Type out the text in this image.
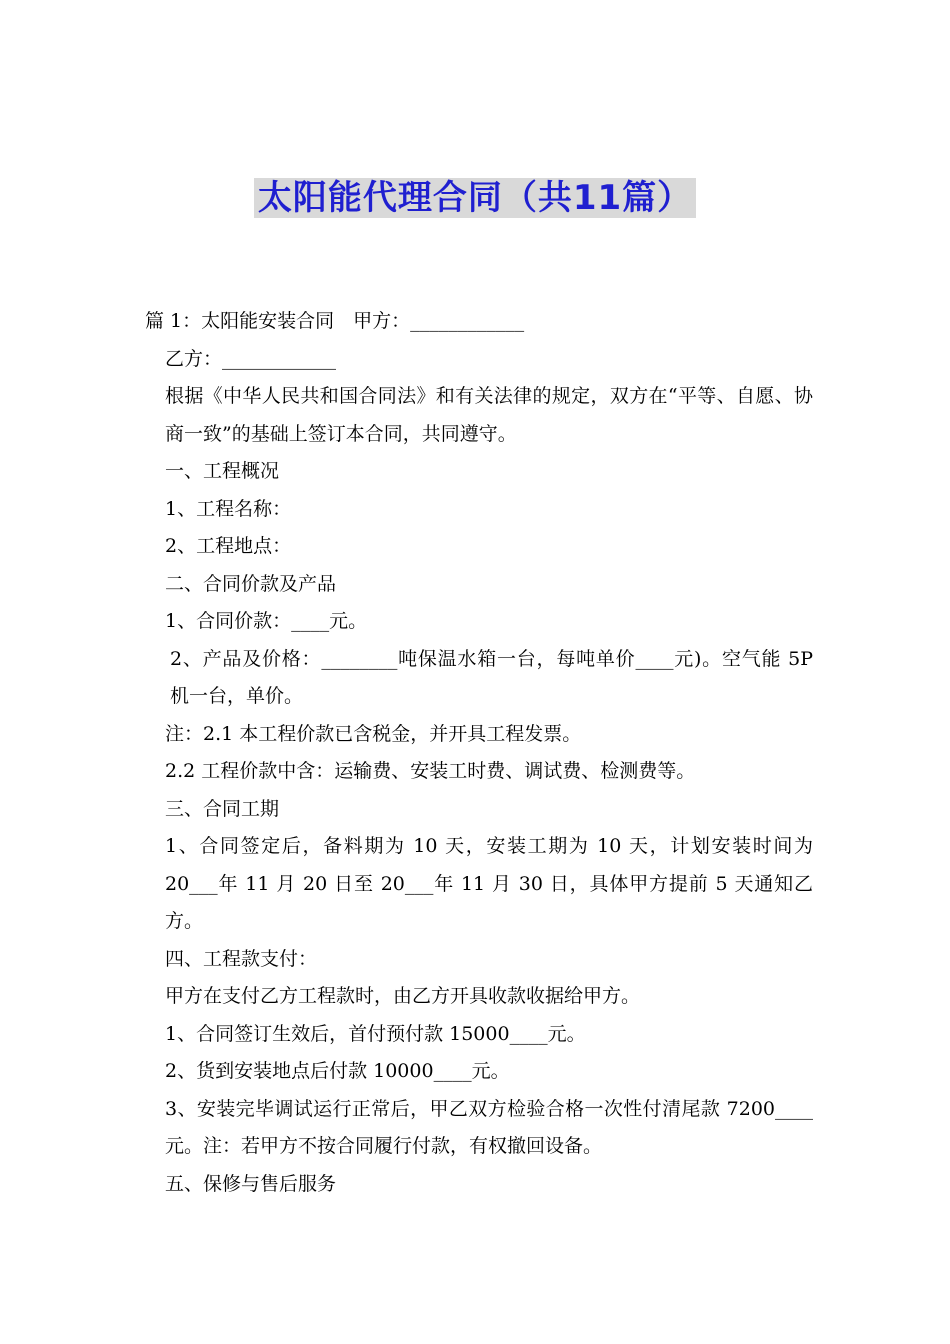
太阳能代理合同（共11篇）
篇 1：太阳能安装合同　甲方：____________
乙方：____________
根据《中华人民共和国合同法》和有关法律的规定，双方在“平等、自愿、协商一致”的基础上签订本合同，共同遵守。
一、工程概况
1、工程名称：
2、工程地点：
二、合同价款及产品
1、合同价款：____元。
2、产品及价格：________吨保温水箱一台，每吨单价____元)。空气能 5P 机一台，单价。
注：2.1 本工程价款已含税金，并开具工程发票。
2.2 工程价款中含：运输费、安装工时费、调试费、检测费等。
三、合同工期
1、合同签定后，备料期为 10 天，安装工期为 10 天，计划安装时间为 20___年 11 月 20 日至 20___年 11 月 30 日，具体甲方提前 5 天通知乙方。
四、工程款支付：
甲方在支付乙方工程款时，由乙方开具收款收据给甲方。
1、合同签订生效后，首付预付款 15000____元。
2、货到安装地点后付款 10000____元。
3、安装完毕调试运行正常后，甲乙双方检验合格一次性付清尾款 7200____元。注：若甲方不按合同履行付款，有权撤回设备。
五、保修与售后服务
